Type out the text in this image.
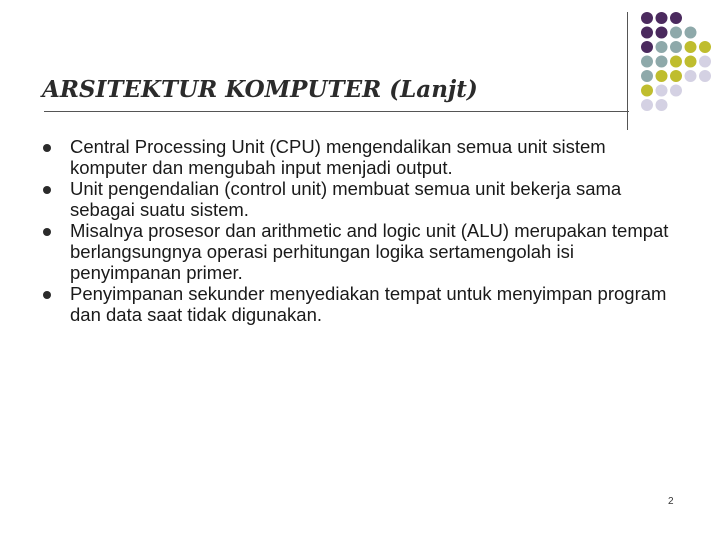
ARSITEKTUR KOMPUTER (Lanjt)
Central Processing Unit (CPU) mengendalikan semua unit sistem komputer dan mengubah input menjadi output.
Unit pengendalian (control unit) membuat semua unit bekerja sama sebagai suatu sistem.
Misalnya prosesor dan arithmetic and logic unit (ALU) merupakan tempat berlangsungnya operasi perhitungan logika sertamengolah isi penyimpanan primer.
Penyimpanan sekunder menyediakan tempat untuk menyimpan program dan data saat tidak digunakan.
2
